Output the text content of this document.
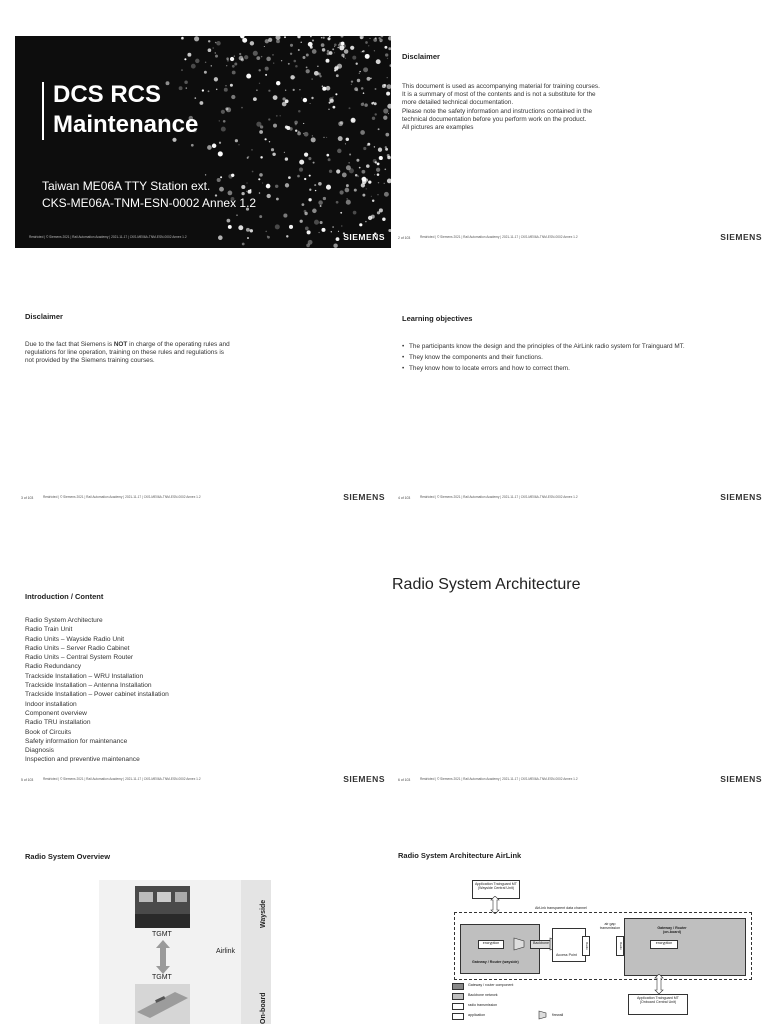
DCS RCS
Maintenance
Taiwan ME06A TTY Station ext.
CKS-ME06A-TNM-ESN-0002 Annex 1.2
Restricted | © Siemens 2021 | Rail Automation Academy | 2021-11-17 | CKS-ME06A-TNM-ESN-0002 Annex 1.2	SIEMENS
Disclaimer
This document is used as accompanying material for training courses.
It is a summary of most of the contents and is not a substitute for the
more detailed technical documentation.
Please note the safety information and instructions contained in the
technical documentation before you perform work on the product.
All pictures are examples
2 of 103	Restricted | © Siemens 2021 | Rail Automation Academy | 2021-11-17 | CKS-ME06A-TNM-ESN-0002 Annex 1.2	SIEMENS
Disclaimer
Due to the fact that Siemens is NOT in charge of the operating rules and
regulations for line operation, training on these rules and regulations is
not provided by the Siemens training courses.
3 of 103	Restricted | © Siemens 2021 | Rail Automation Academy | 2021-11-17 | CKS-ME06A-TNM-ESN-0002 Annex 1.2	SIEMENS
Learning objectives
• The participants know the design and the principles of the AirLink radio system for Trainguard MT.
• They know the components and their functions.
• They know how to locate errors and how to correct them.
4 of 103	Restricted | © Siemens 2021 | Rail Automation Academy | 2021-11-17 | CKS-ME06A-TNM-ESN-0002 Annex 1.2	SIEMENS
Introduction / Content
Radio System Architecture
Radio Train Unit
Radio Units – Wayside Radio Unit
Radio Units – Server Radio Cabinet
Radio Units – Central System Router
Radio Redundancy
Trackside Installation – WRU Installation
Trackside Installation – Antenna Installation
Trackside Installation – Power cabinet installation
Indoor installation
Component overview
Radio TRU installation
Book of Circuits
Safety information for maintenance
Diagnosis
Inspection and preventive maintenance
5 of 103	Restricted | © Siemens 2021 | Rail Automation Academy | 2021-11-17 | CKS-ME06A-TNM-ESN-0002 Annex 1.2	SIEMENS
Radio System Architecture
6 of 103	Restricted | © Siemens 2021 | Rail Automation Academy | 2021-11-17 | CKS-ME06A-TNM-ESN-0002 Annex 1.2	SIEMENS
Radio System Overview
TGMT
Airlink
TGMT
Wayside
On-board
Radio System Architecture AirLink
Application Trainguard MT (Wayside Central Unit)
AirLink transparent data channel
air gap transmission
encryption
Gateway / Router (wayside)
Backbone
Access Point
Radio	Radio
Gateway / Router (on-board)
encryption
Application Trainguard MT (Onboard Central Unit)
Gateway / router component
Backbone network
radio transmission
application	firewall
